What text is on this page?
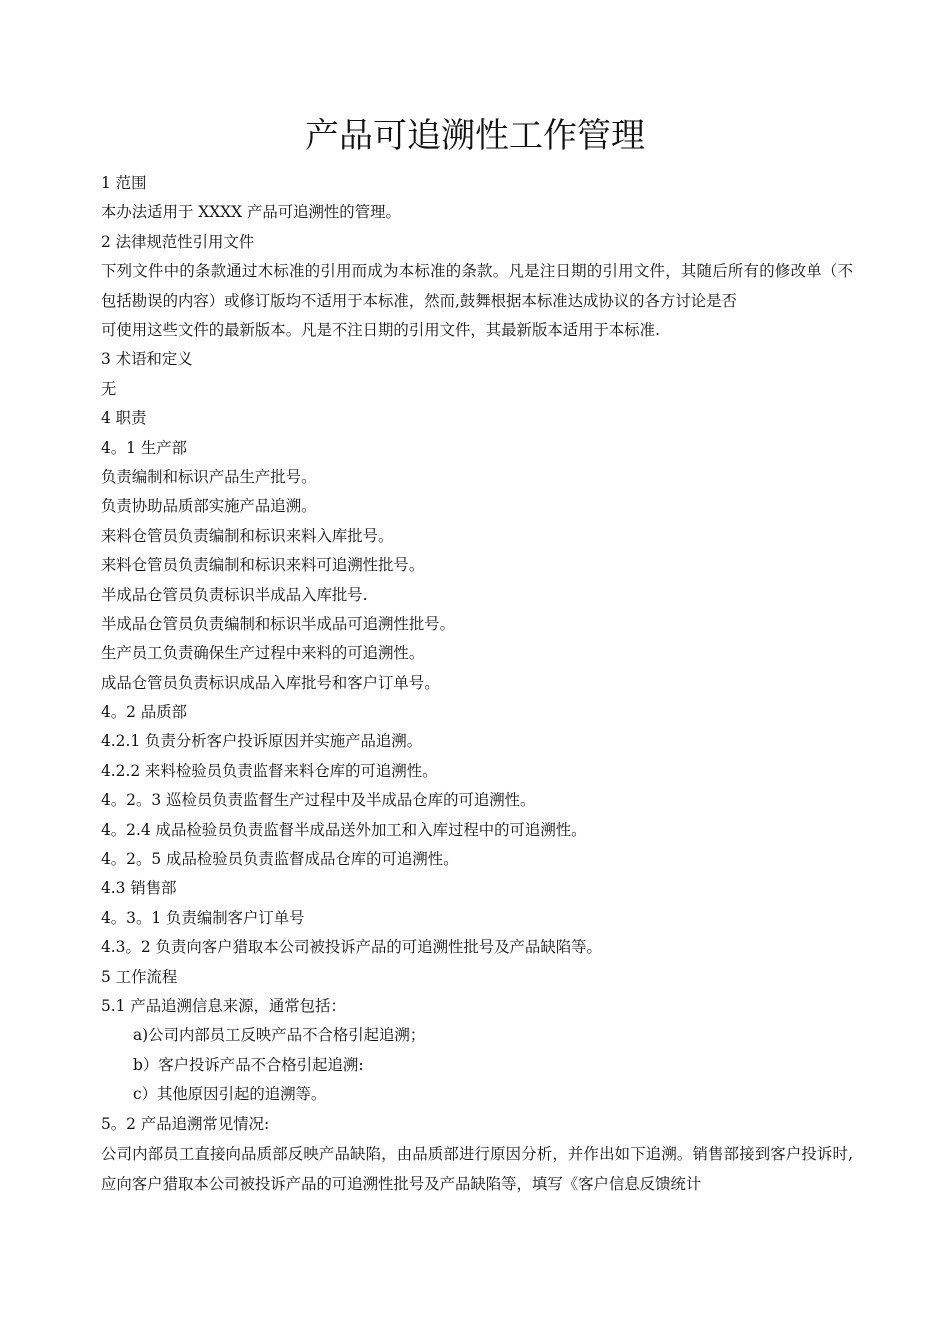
产品可追溯性工作管理
1 范围
本办法适用于 XXXX 产品可追溯性的管理。
2 法律规范性引用文件
下列文件中的条款通过木标准的引用而成为本标准的条款。凡是注日期的引用文件，其随后所有的修改单（不包括勘误的内容）或修订版均不适用于本标准，然而,鼓舞根据本标准达成协议的各方讨论是否
可使用这些文件的最新版本。凡是不注日期的引用文件，其最新版本适用于本标准.
3 术语和定义
无
4 职责
4。1 生产部
负责编制和标识产品生产批号。
负责协助品质部实施产品追溯。
来料仓管员负责编制和标识来料入库批号。
来料仓管员负责编制和标识来料可追溯性批号。
半成品仓管员负责标识半成品入库批号.
半成品仓管员负责编制和标识半成品可追溯性批号。
生产员工负责确保生产过程中来料的可追溯性。
成品仓管员负责标识成品入库批号和客户订单号。
4。2 品质部
4.2.1 负责分析客户投诉原因并实施产品追溯。
4.2.2 来料检验员负责监督来料仓库的可追溯性。
4。2。3 巡检员负责监督生产过程中及半成品仓库的可追溯性。
4。2.4 成品检验员负责监督半成品送外加工和入库过程中的可追溯性。
4。2。5 成品检验员负责监督成品仓库的可追溯性。
4.3 销售部
4。3。1 负责编制客户订单号
4.3。2 负责向客户猎取本公司被投诉产品的可追溯性批号及产品缺陷等。
5 工作流程
5.1 产品追溯信息来源，通常包括：
a)公司内部员工反映产品不合格引起追溯；
b）客户投诉产品不合格引起追溯:
c）其他原因引起的追溯等。
5。2 产品追溯常见情况:
公司内部员工直接向品质部反映产品缺陷，由品质部进行原因分析，并作出如下追溯。销售部接到客户投诉时,应向客户猎取本公司被投诉产品的可追溯性批号及产品缺陷等，填写《客户信息反馈统计
